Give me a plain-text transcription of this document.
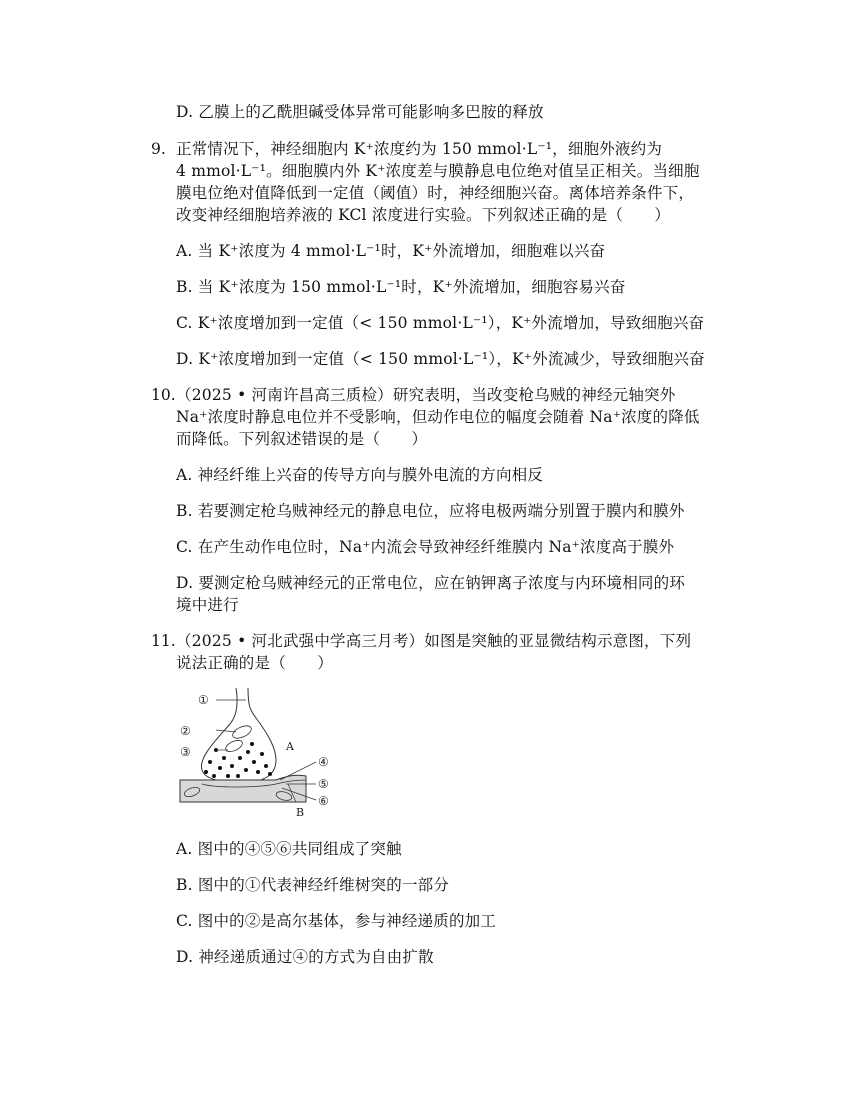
D. 乙膜上的乙酰胆碱受体异常可能影响多巴胺的释放
9. 正常情况下，神经细胞内 K⁺浓度约为 150 mmol·L⁻¹，细胞外液约为
4 mmol·L⁻¹。细胞膜内外 K⁺浓度差与膜静息电位绝对值呈正相关。当细胞
膜电位绝对值降低到一定值（阈值）时，神经细胞兴奋。离体培养条件下，
改变神经细胞培养液的 KCl 浓度进行实验。下列叙述正确的是（　　）
A. 当 K⁺浓度为 4 mmol·L⁻¹时，K⁺外流增加，细胞难以兴奋
B. 当 K⁺浓度为 150 mmol·L⁻¹时，K⁺外流增加，细胞容易兴奋
C. K⁺浓度增加到一定值（< 150 mmol·L⁻¹），K⁺外流增加，导致细胞兴奋
D. K⁺浓度增加到一定值（< 150 mmol·L⁻¹），K⁺外流减少，导致细胞兴奋
10. （2025 • 河南许昌高三质检）研究表明，当改变枪乌贼的神经元轴突外
Na⁺浓度时静息电位并不受影响，但动作电位的幅度会随着 Na⁺浓度的降低
而降低。下列叙述错误的是（　　）
A. 神经纤维上兴奋的传导方向与膜外电流的方向相反
B. 若要测定枪乌贼神经元的静息电位，应将电极两端分别置于膜内和膜外
C. 在产生动作电位时，Na⁺内流会导致神经纤维膜内 Na⁺浓度高于膜外
D. 要测定枪乌贼神经元的正常电位，应在钠钾离子浓度与内环境相同的环
境中进行
11. （2025 • 河北武强中学高三月考）如图是突触的亚显微结构示意图，下列
说法正确的是（　　）
①
②
③
④
⑤
⑥
A
B
A. 图中的④⑤⑥共同组成了突触
B. 图中的①代表神经纤维树突的一部分
C. 图中的②是高尔基体，参与神经递质的加工
D. 神经递质通过④的方式为自由扩散
